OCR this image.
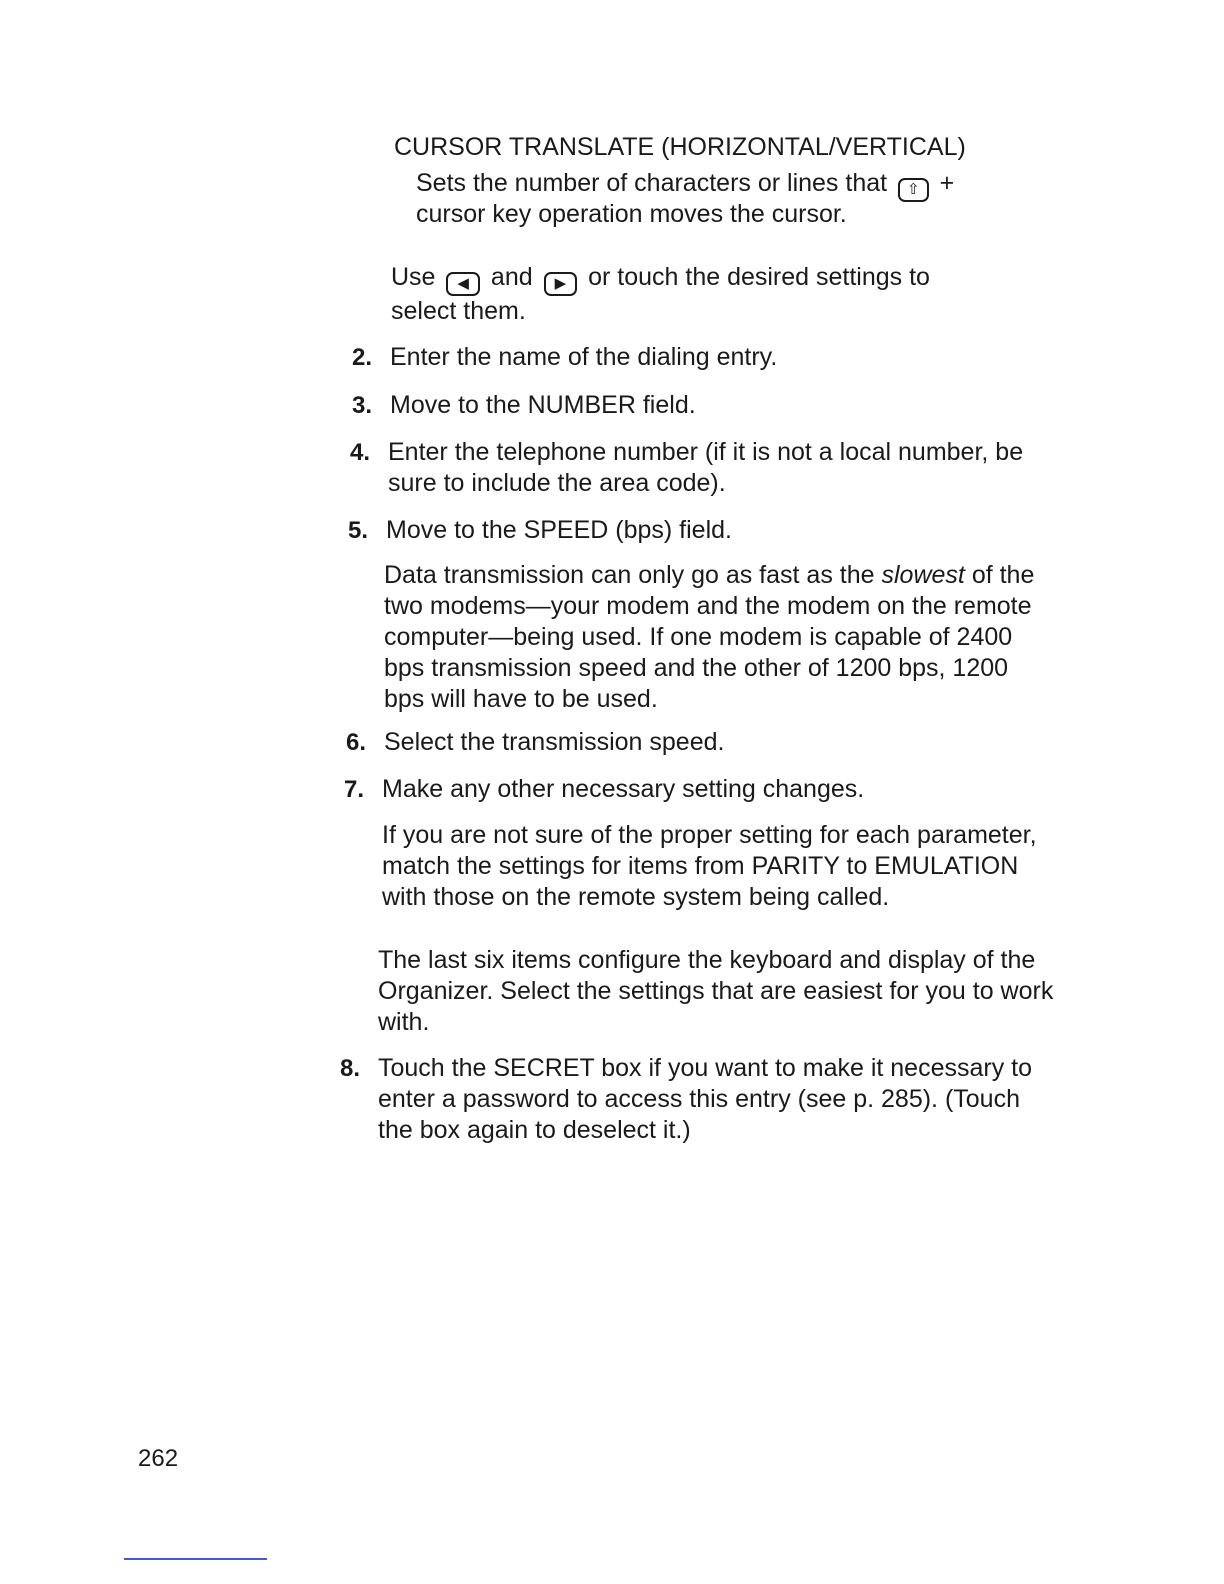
CURSOR TRANSLATE (HORIZONTAL/VERTICAL)
Sets the number of characters or lines that ⇧ +
cursor key operation moves the cursor.
Use ◀ and ▶ or touch the desired settings to
select them.
2. Enter the name of the dialing entry.
3. Move to the NUMBER field.
4. Enter the telephone number (if it is not a local number, be sure to include the area code).
5. Move to the SPEED (bps) field.
Data transmission can only go as fast as the slowest of the two modems—your modem and the modem on the remote computer—being used. If one modem is capable of 2400 bps transmission speed and the other of 1200 bps, 1200 bps will have to be used.
6. Select the transmission speed.
7. Make any other necessary setting changes.
If you are not sure of the proper setting for each parameter, match the settings for items from PARITY to EMULATION with those on the remote system being called.
The last six items configure the keyboard and display of the Organizer. Select the settings that are easiest for you to work with.
8. Touch the SECRET box if you want to make it necessary to enter a password to access this entry (see p. 285). (Touch the box again to deselect it.)
262
